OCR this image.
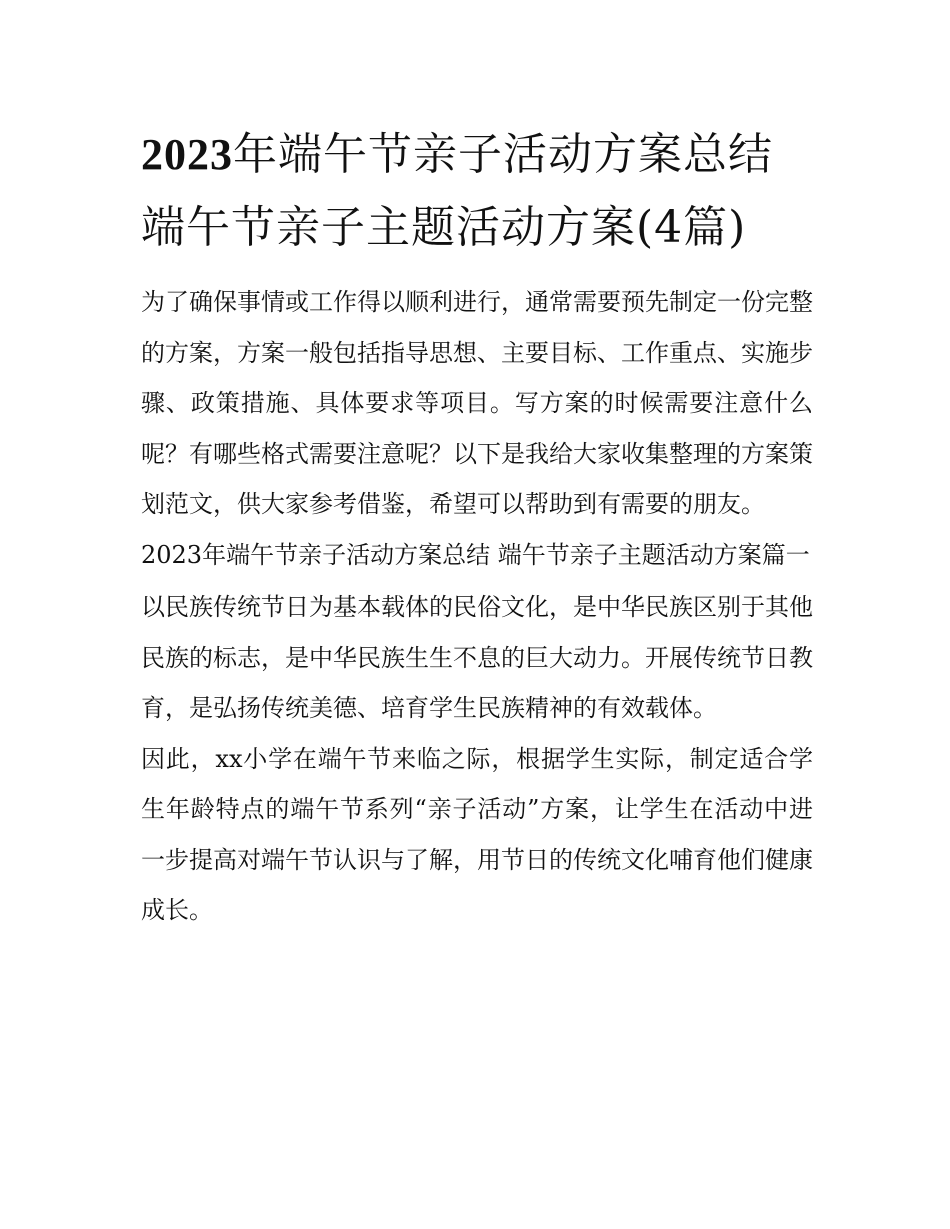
2023年端午节亲子活动方案总结 端午节亲子主题活动方案(4篇)

为了确保事情或工作得以顺利进行，通常需要预先制定一份完整的方案，方案一般包括指导思想、主要目标、工作重点、实施步骤、政策措施、具体要求等项目。写方案的时候需要注意什么呢？有哪些格式需要注意呢？以下是我给大家收集整理的方案策划范文，供大家参考借鉴，希望可以帮助到有需要的朋友。

2023年端午节亲子活动方案总结 端午节亲子主题活动方案篇一

以民族传统节日为基本载体的民俗文化，是中华民族区别于其他民族的标志，是中华民族生生不息的巨大动力。开展传统节日教育，是弘扬传统美德、培育学生民族精神的有效载体。

因此，xx小学在端午节来临之际，根据学生实际，制定适合学生年龄特点的端午节系列“亲子活动”方案，让学生在活动中进一步提高对端午节认识与了解，用节日的传统文化哺育他们健康成长。
